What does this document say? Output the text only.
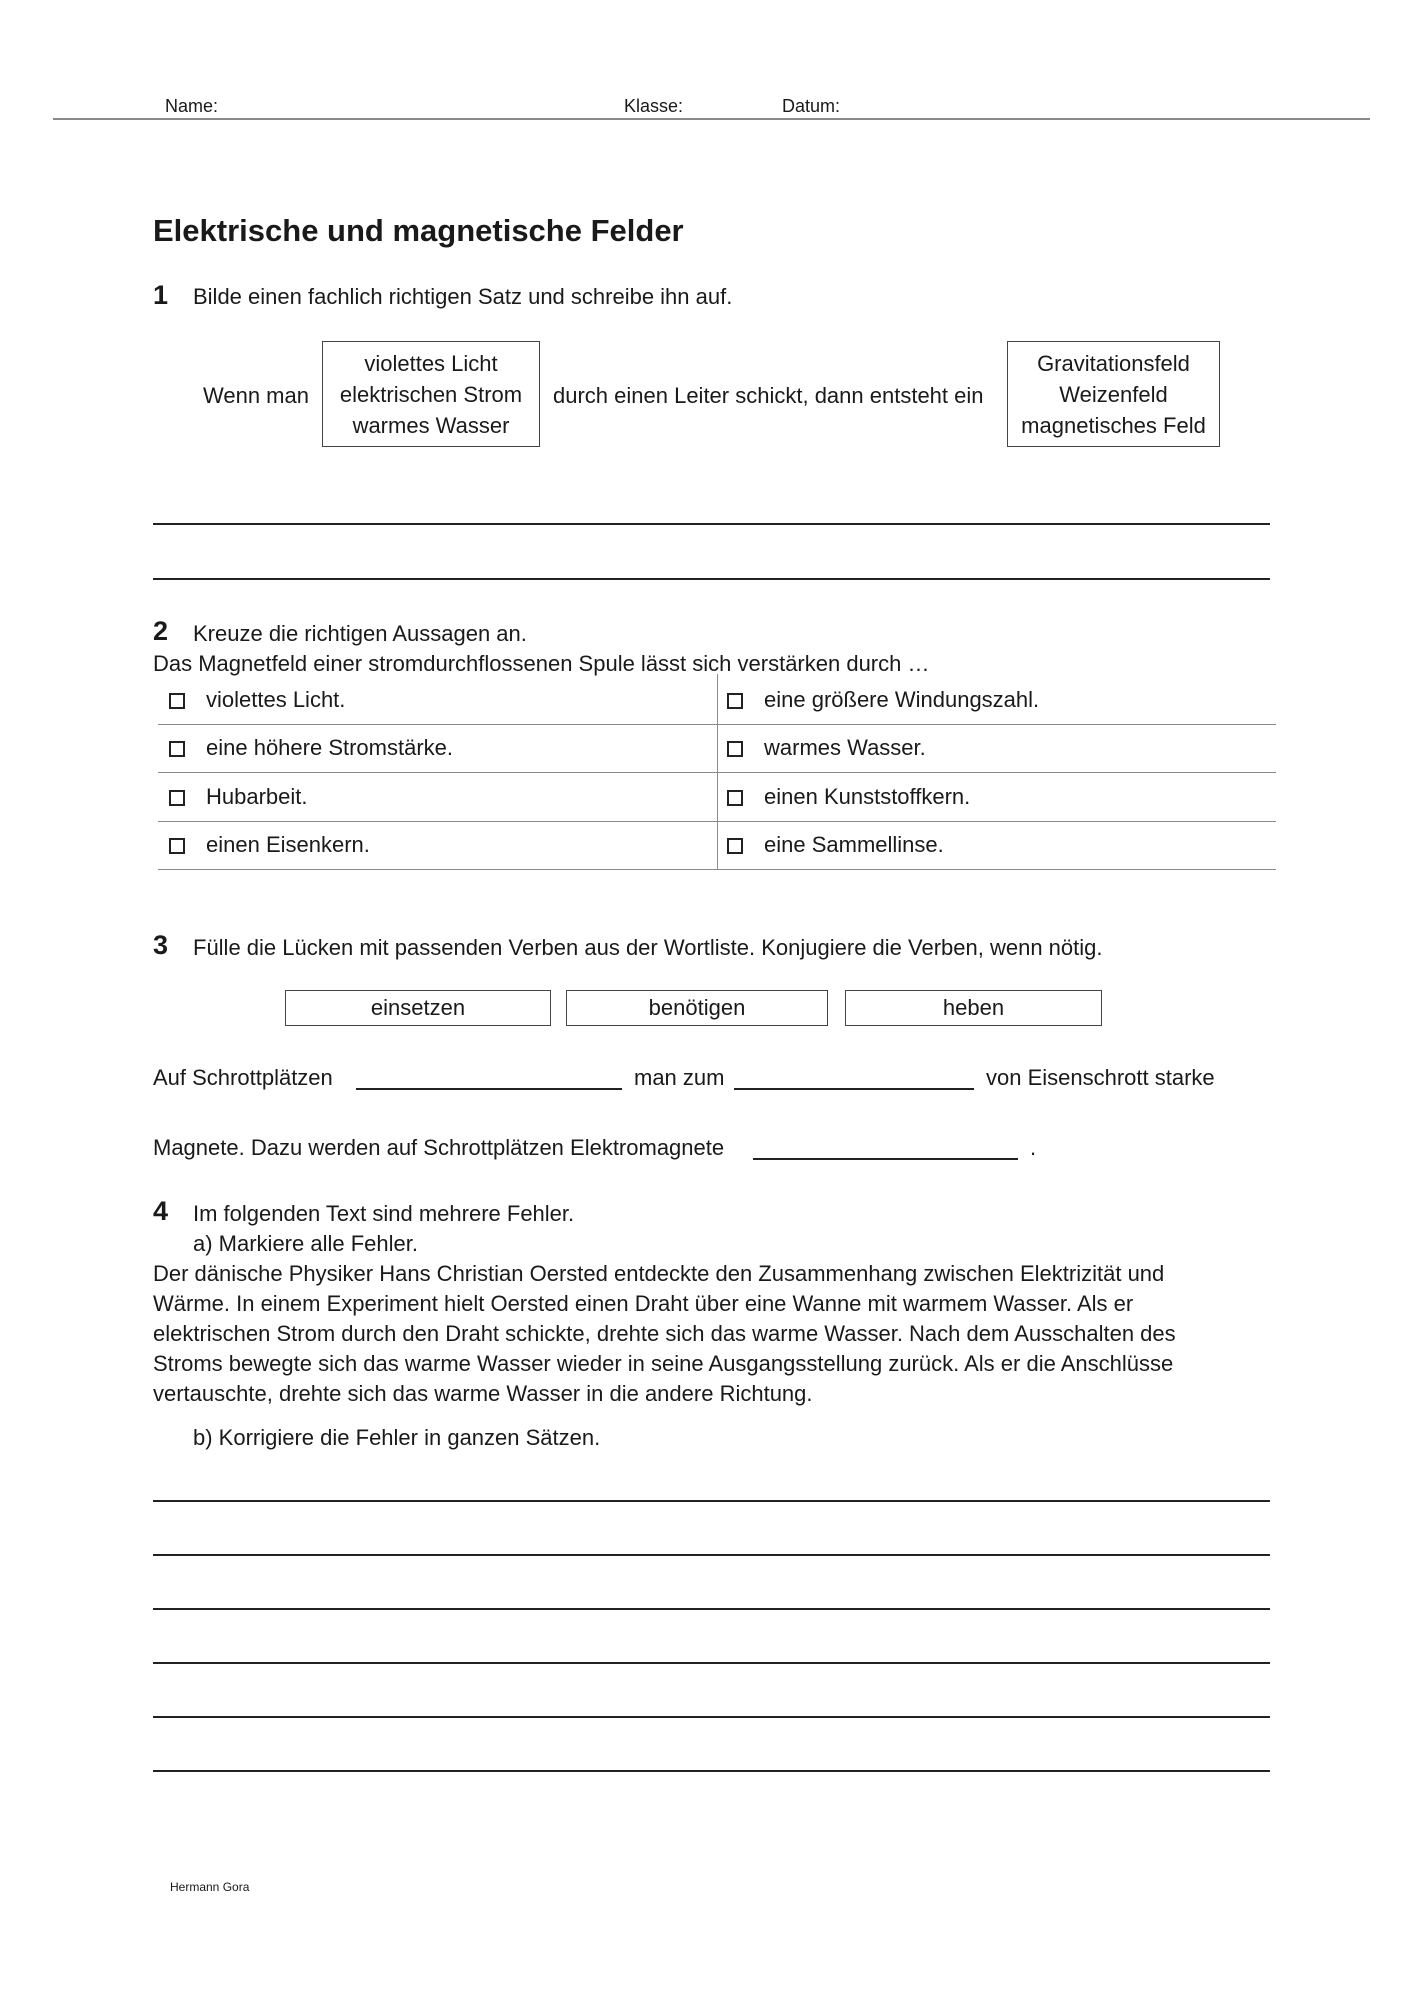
Name:	Klasse:	Datum:
Elektrische und magnetische Felder
1 Bilde einen fachlich richtigen Satz und schreibe ihn auf.
Wenn man
violettes Licht
elektrischen Strom
warmes Wasser
durch einen Leiter schickt, dann entsteht ein
Gravitationsfeld
Weizenfeld
magnetisches Feld
2 Kreuze die richtigen Aussagen an.
Das Magnetfeld einer stromdurchflossenen Spule lässt sich verstärken durch …
violettes Licht.	eine größere Windungszahl.
eine höhere Stromstärke.	warmes Wasser.
Hubarbeit.	einen Kunststoffkern.
einen Eisenkern.	eine Sammellinse.
3 Fülle die Lücken mit passenden Verben aus der Wortliste. Konjugiere die Verben, wenn nötig.
einsetzen	benötigen	heben
Auf Schrottplätzen	man zum	von Eisenschrott starke
Magnete. Dazu werden auf Schrottplätzen Elektromagnete	.
4 Im folgenden Text sind mehrere Fehler.
a) Markiere alle Fehler.
Der dänische Physiker Hans Christian Oersted entdeckte den Zusammenhang zwischen Elektrizität und
Wärme. In einem Experiment hielt Oersted einen Draht über eine Wanne mit warmem Wasser. Als er
elektrischen Strom durch den Draht schickte, drehte sich das warme Wasser. Nach dem Ausschalten des
Stroms bewegte sich das warme Wasser wieder in seine Ausgangsstellung zurück. Als er die Anschlüsse
vertauschte, drehte sich das warme Wasser in die andere Richtung.
b) Korrigiere die Fehler in ganzen Sätzen.
Hermann Gora
